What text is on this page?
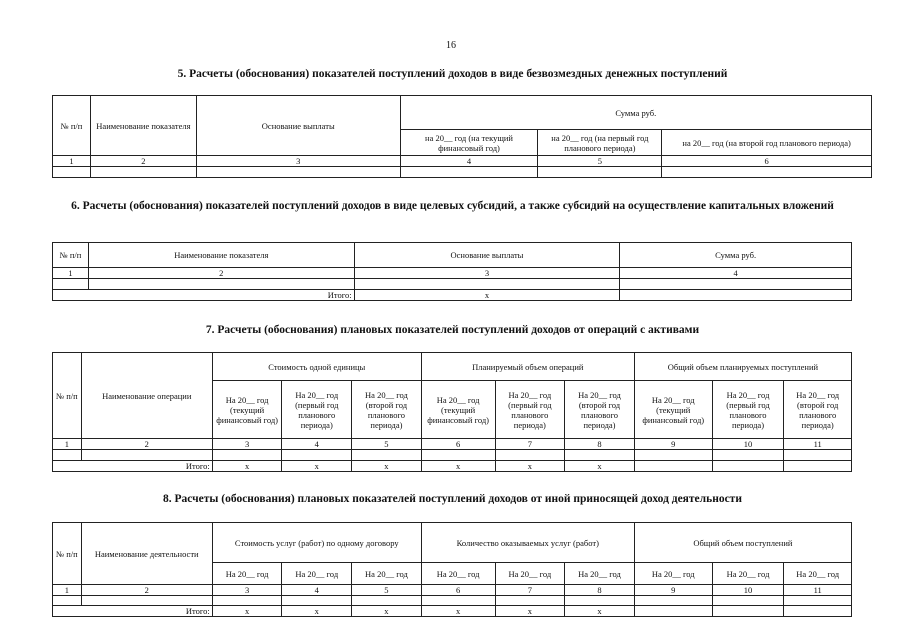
16
5. Расчеты (обоснования) показателей поступлений доходов в виде безвозмездных денежных поступлений
№ п/п	Наименование показателя	Основание выплаты	Сумма руб.		
			на 20__ год (на текущий финансовый год)	на 20__ год (на первый год планового периода)	на 20__ год (на второй год планового периода)
1	2	3	4	5	6

6. Расчеты (обоснования) показателей поступлений доходов в виде целевых субсидий, а также субсидий на осуществление капитальных вложений
№ п/п	Наименование показателя	Основание выплаты	Сумма руб.
1	2	3	4

Итого:		x	
7. Расчеты (обоснования) плановых показателей поступлений доходов от операций с активами
№ п/п	Наименование операции	Стоимость одной единицы			Планируемый объем операций			Общий объем планируемых поступлений		
		На 20__ год (текущий финансовый год)	На 20__ год (первый год планового периода)	На 20__ год (второй год планового периода)	На 20__ год (текущий финансовый год)	На 20__ год (первый год планового периода)	На 20__ год (второй год планового периода)	На 20__ год (текущий финансовый год)	На 20__ год (первый год планового периода)	На 20__ год (второй год планового периода)
1	2	3	4	5	6	7	8	9	10	11

Итого:		x	x	x	x	x	x			
8. Расчеты (обоснования) плановых показателей поступлений доходов от иной приносящей доход деятельности
№ п/п	Наименование деятельности	Стоимость услуг (работ) по одному договору			Количество оказываемых услуг (работ)			Общий объем поступлений		
		На 20__ год	На 20__ год	На 20__ год	На 20__ год	На 20__ год	На 20__ год	На 20__ год	На 20__ год	На 20__ год
1	2	3	4	5	6	7	8	9	10	11

Итого:		x	x	x	x	x	x			
